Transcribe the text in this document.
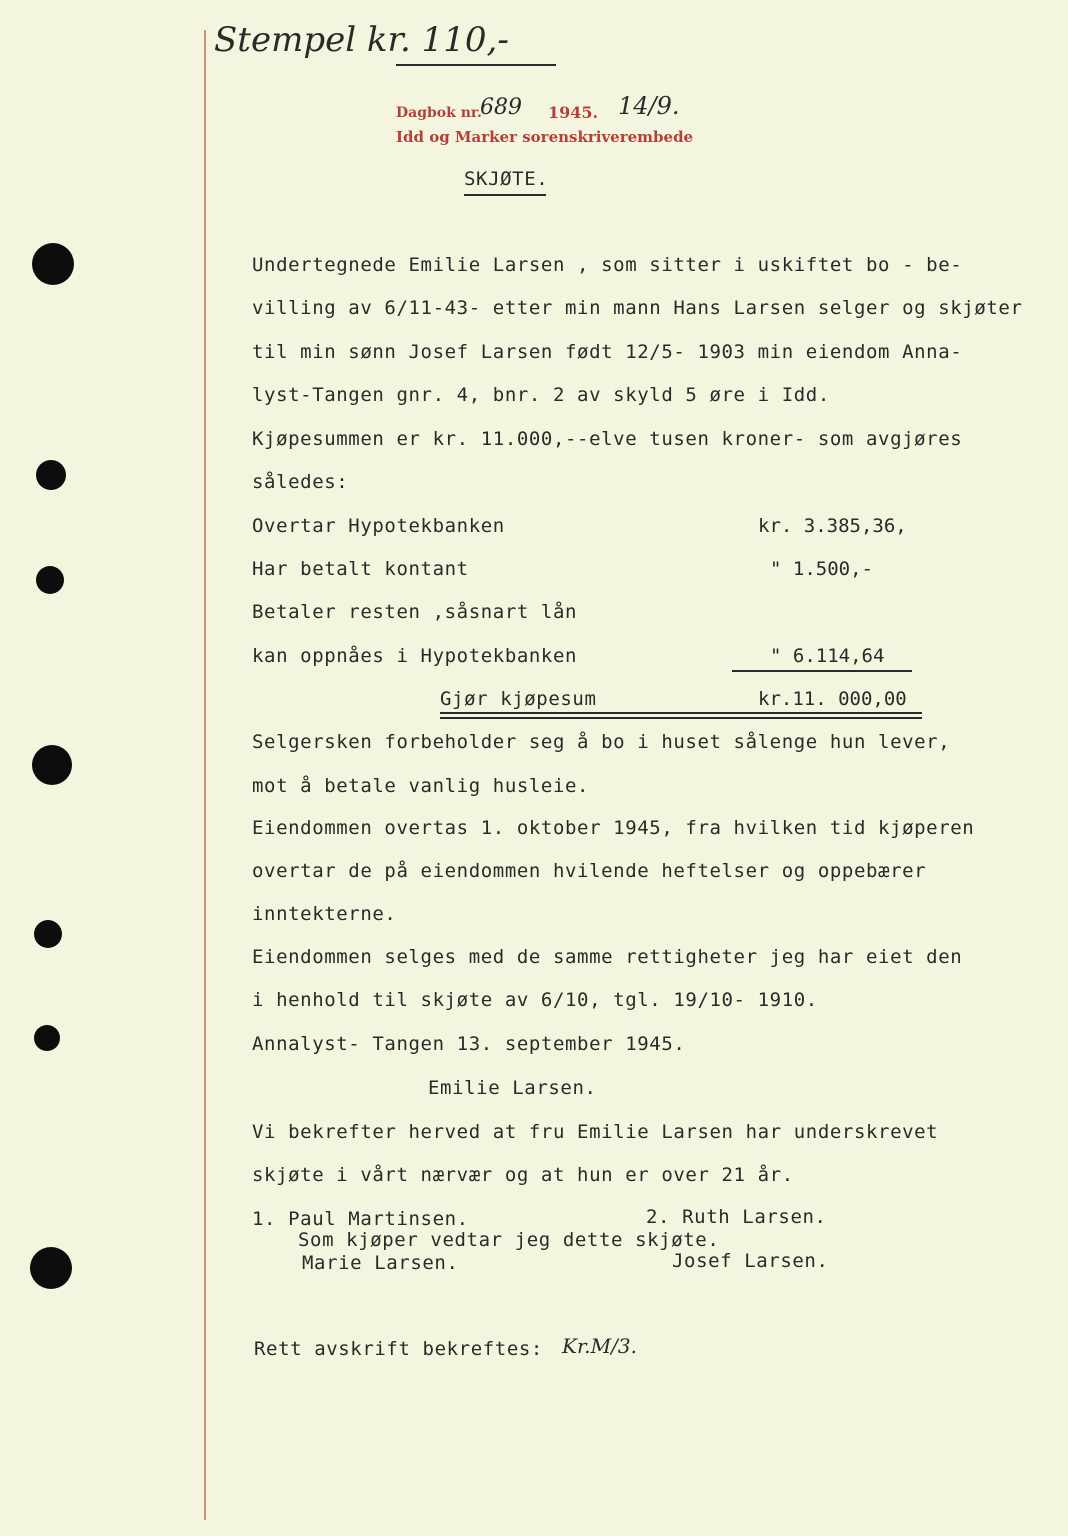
Stempel kr. 110,-
Dagbok nr.
689 1945. 14/9.
Idd og Marker sorenskriverembede
SKJØTE.
Undertegnede Emilie Larsen , som sitter i uskiftet bo - be-
villing av 6/11-43- etter min mann Hans Larsen selger og skjøter
til min sønn Josef Larsen født 12/5- 1903 min eiendom Anna-
lyst-Tangen gnr. 4, bnr. 2 av skyld 5 øre i Idd.
Kjøpesummen er kr. 11.000,--elve tusen kroner- som avgjøres
således:
Overtar Hypotekbanken	kr. 3.385,36,
Har betalt kontant	" 1.500,-
Betaler resten ,såsnart lån
kan oppnåes i Hypotekbanken	" 6.114,64
Gjør kjøpesum	kr.11. 000,00
Selgersken forbeholder seg å bo i huset sålenge hun lever,
mot å betale vanlig husleie.
Eiendommen overtas 1. oktober 1945, fra hvilken tid kjøperen
overtar de på eiendommen hvilende heftelser og oppebærer
inntekterne.
Eiendommen selges med de samme rettigheter jeg har eiet den
i henhold til skjøte av 6/10, tgl. 19/10- 1910.
Annalyst- Tangen 13. september 1945.
Emilie Larsen.
Vi bekrefter herved at fru Emilie Larsen har underskrevet
skjøte i vårt nærvær og at hun er over 21 år.
1. Paul Martinsen.	2. Ruth Larsen.
Som kjøper vedtar jeg dette skjøte.
Marie Larsen.	Josef Larsen.
Rett avskrift bekreftes: Kr.M/3.
